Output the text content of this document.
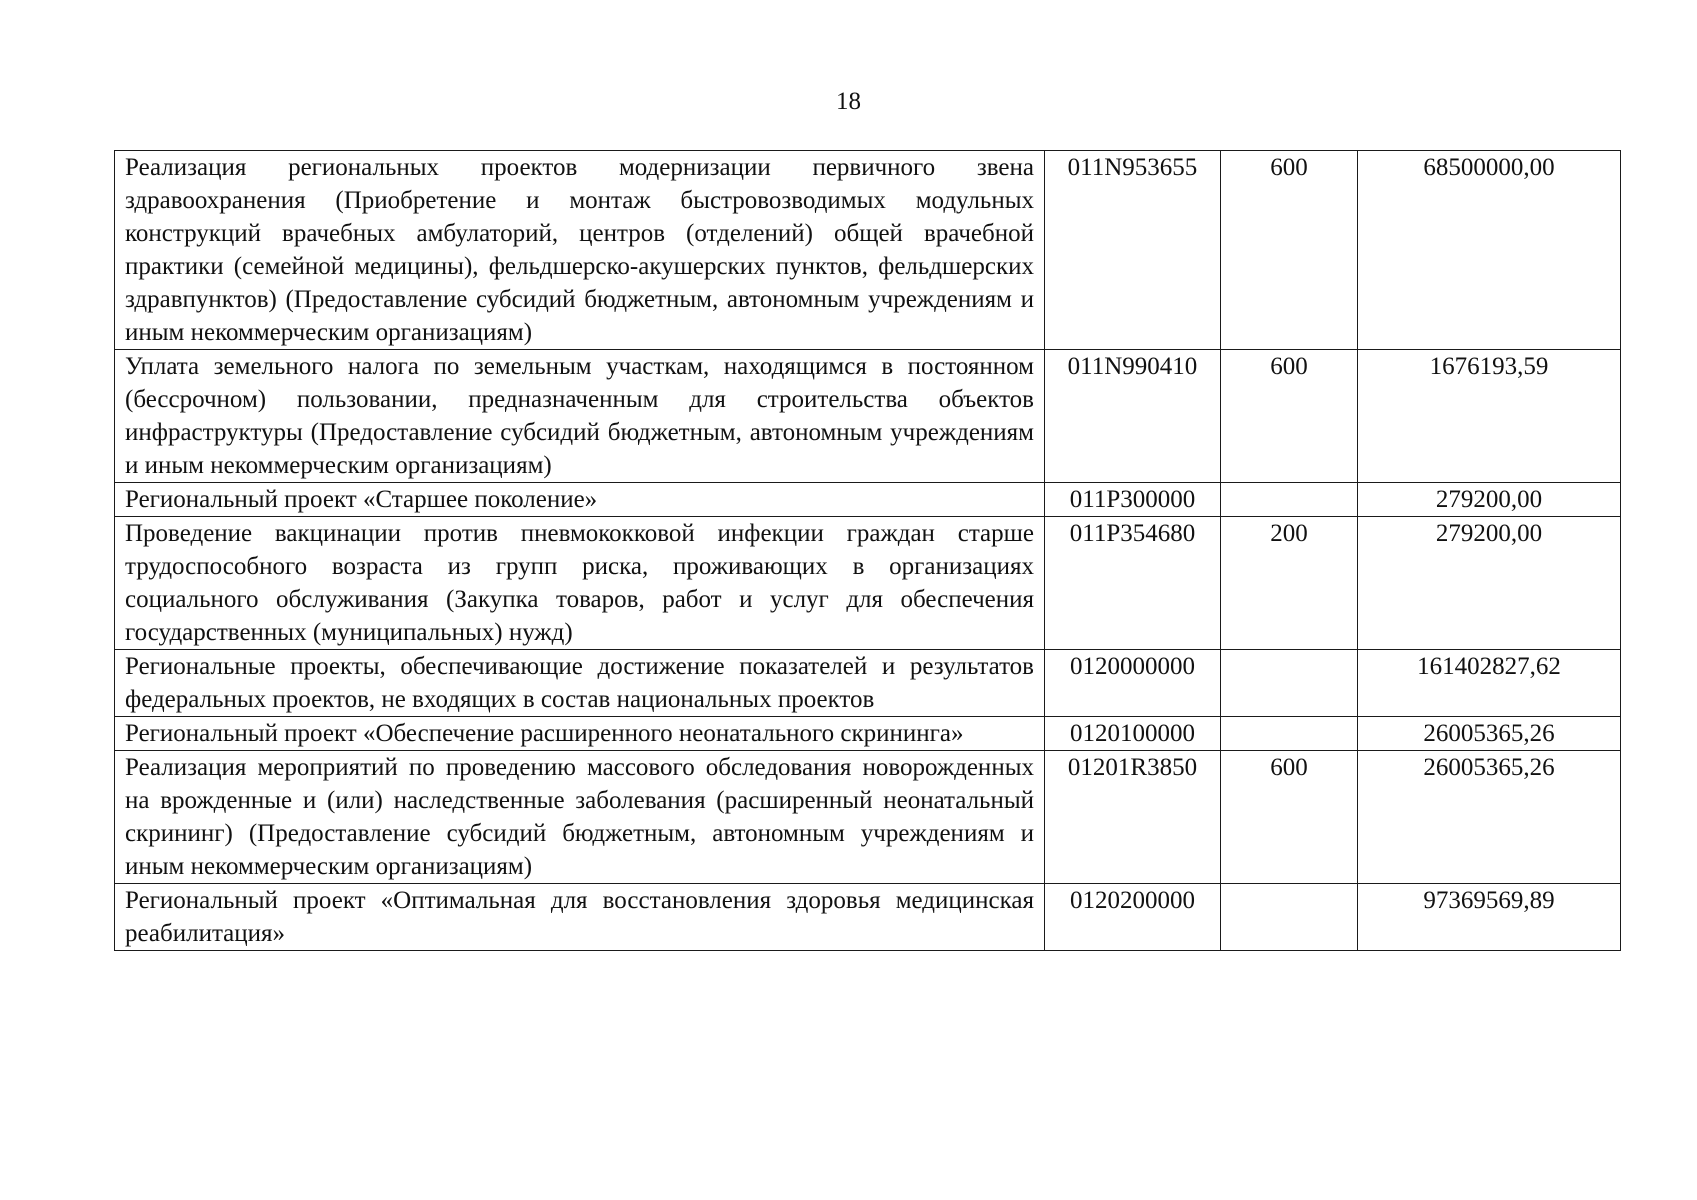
18
Реализация региональных проектов модернизации первичного звена здравоохранения (Приобретение и монтаж быстровозводимых модульных конструкций врачебных амбулаторий, центров (отделений) общей врачебной практики (семейной медицины), фельдшерско-акушерских пунктов, фельдшерских здравпунктов) (Предоставление субсидий бюджетным, автономным учреждениям и иным некоммерческим организациям)	011N953655	600	68500000,00
Уплата земельного налога по земельным участкам, находящимся в постоянном (бессрочном) пользовании, предназначенным для строительства объектов инфраструктуры (Предоставление субсидий бюджетным, автономным учреждениям и иным некоммерческим организациям)	011N990410	600	1676193,59
Региональный проект «Старшее поколение»	011P300000		279200,00
Проведение вакцинации против пневмококковой инфекции граждан старше трудоспособного возраста из групп риска, проживающих в организациях социального обслуживания (Закупка товаров, работ и услуг для обеспечения государственных (муниципальных) нужд)	011P354680	200	279200,00
Региональные проекты, обеспечивающие достижение показателей и результатов федеральных проектов, не входящих в состав национальных проектов	0120000000		161402827,62
Региональный проект «Обеспечение расширенного неонатального скрининга»	0120100000		26005365,26
Реализация мероприятий по проведению массового обследования новорожденных на врожденные и (или) наследственные заболевания (расширенный неонатальный скрининг) (Предоставление субсидий бюджетным, автономным учреждениям и иным некоммерческим организациям)	01201R3850	600	26005365,26
Региональный проект «Оптимальная для восстановления здоровья медицинская реабилитация»	0120200000		97369569,89
